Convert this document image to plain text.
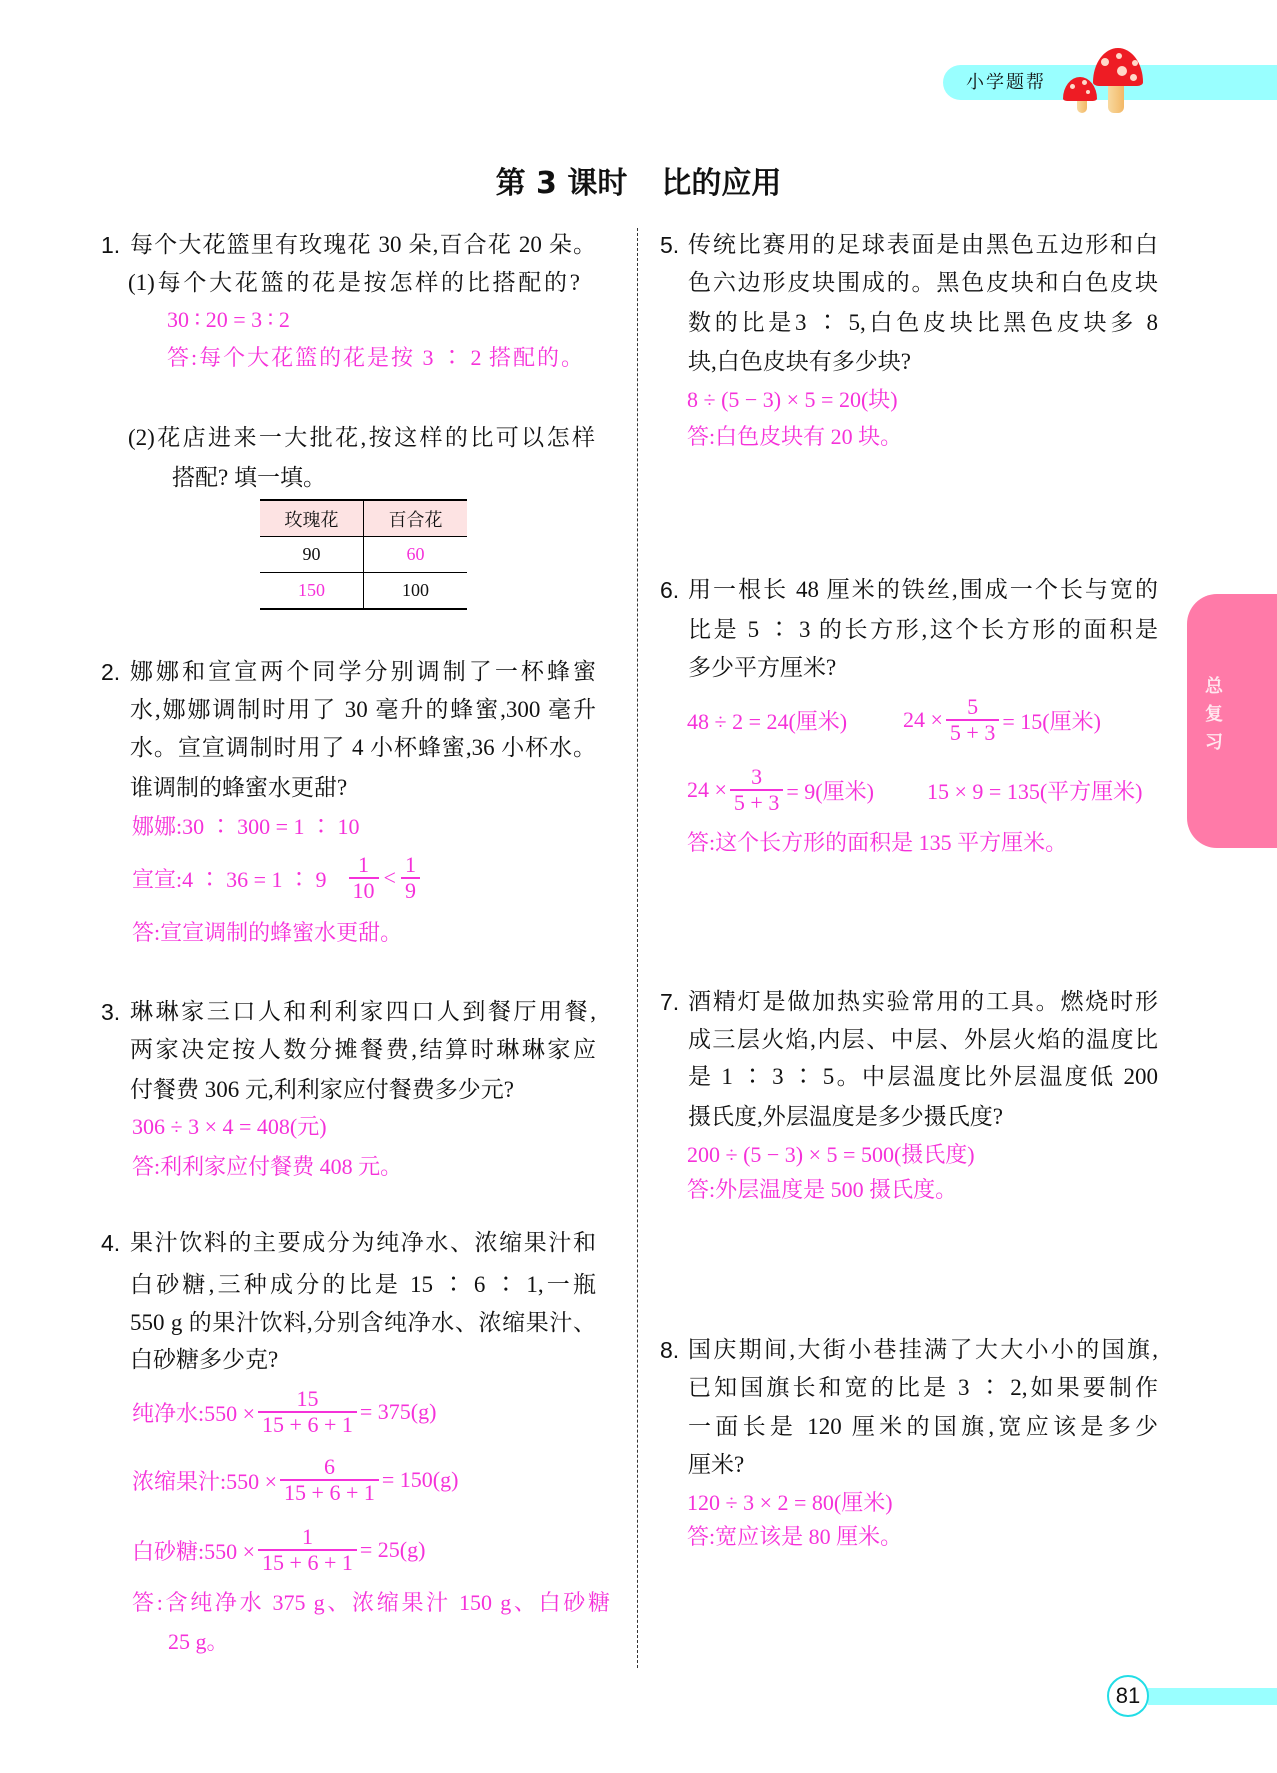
小学题帮
第 3 课时 比的应用
1. 每个大花篮里有玫瑰花 30 朵,百合花 20 朵。
(1)每个大花篮的花是按怎样的比搭配的?
30 ∶ 20 = 3 ∶ 2
答:每个大花篮的花是按 3 ∶ 2 搭配的。
(2)花店进来一大批花,按这样的比可以怎样
搭配? 填一填。
玫瑰花	百合花
90	60
150	100
2. 娜娜和宣宣两个同学分别调制了一杯蜂蜜
水,娜娜调制时用了 30 毫升的蜂蜜,300 毫升
水。宣宣调制时用了 4 小杯蜂蜜,36 小杯水。
谁调制的蜂蜜水更甜?
娜娜:30 ∶ 300 = 1 ∶ 10
宣宣:4 ∶ 36 = 1 ∶ $9 \frac{1}{10} < \frac{1}{9}$
答:宣宣调制的蜂蜜水更甜。
3. 琳琳家三口人和利利家四口人到餐厅用餐,
两家决定按人数分摊餐费,结算时琳琳家应
付餐费 306 元,利利家应付餐费多少元?
306 ÷ 3 × 4 = 408(元)
答:利利家应付餐费 408 元。
4. 果汁饮料的主要成分为纯净水、浓缩果汁和
白砂糖,三种成分的比是 15 ∶ 6 ∶ 1,一瓶
550 g 的果汁饮料,分别含纯净水、浓缩果汁、
白砂糖多少克?
纯净水:550 × $\frac{15}{15 + 6 + 1} = 375(g)$
浓缩果汁:550 × $\frac{6}{15 + 6 + 1} = 150(g)$
白砂糖:550 × $\frac{1}{15 + 6 + 1} = 25(g)$
答:含纯净水 375 g、浓缩果汁 150 g、白砂糖
25 g。
5. 传统比赛用的足球表面是由黑色五边形和白
色六边形皮块围成的。黑色皮块和白色皮块
数的比是3 ∶ 5,白色皮块比黑色皮块多 8
块,白色皮块有多少块?
8 ÷ (5 − 3) × 5 = 20(块)
答:白色皮块有 20 块。
6. 用一根长 48 厘米的铁丝,围成一个长与宽的
比是 5 ∶ 3 的长方形,这个长方形的面积是
多少平方厘米?
48 ÷ 2 = 24(厘米)	$24 \times \frac{5}{5 + 3} = 15$(厘米)
$24 \times \frac{3}{5 + 3} = 9$(厘米) 15 × 9 = 135(平方厘米)
答:这个长方形的面积是 135 平方厘米。
7. 酒精灯是做加热实验常用的工具。燃烧时形
成三层火焰,内层、中层、外层火焰的温度比
是 1 ∶ 3 ∶ 5。中层温度比外层温度低 200
摄氏度,外层温度是多少摄氏度?
200 ÷ (5 − 3) × 5 = 500(摄氏度)
答:外层温度是 500 摄氏度。
8. 国庆期间,大街小巷挂满了大大小小的国旗,
已知国旗长和宽的比是 3 ∶ 2,如果要制作
一面长是 120 厘米的国旗,宽应该是多少
厘米?
120 ÷ 3 × 2 = 80(厘米)
答:宽应该是 80 厘米。
总复习
81
